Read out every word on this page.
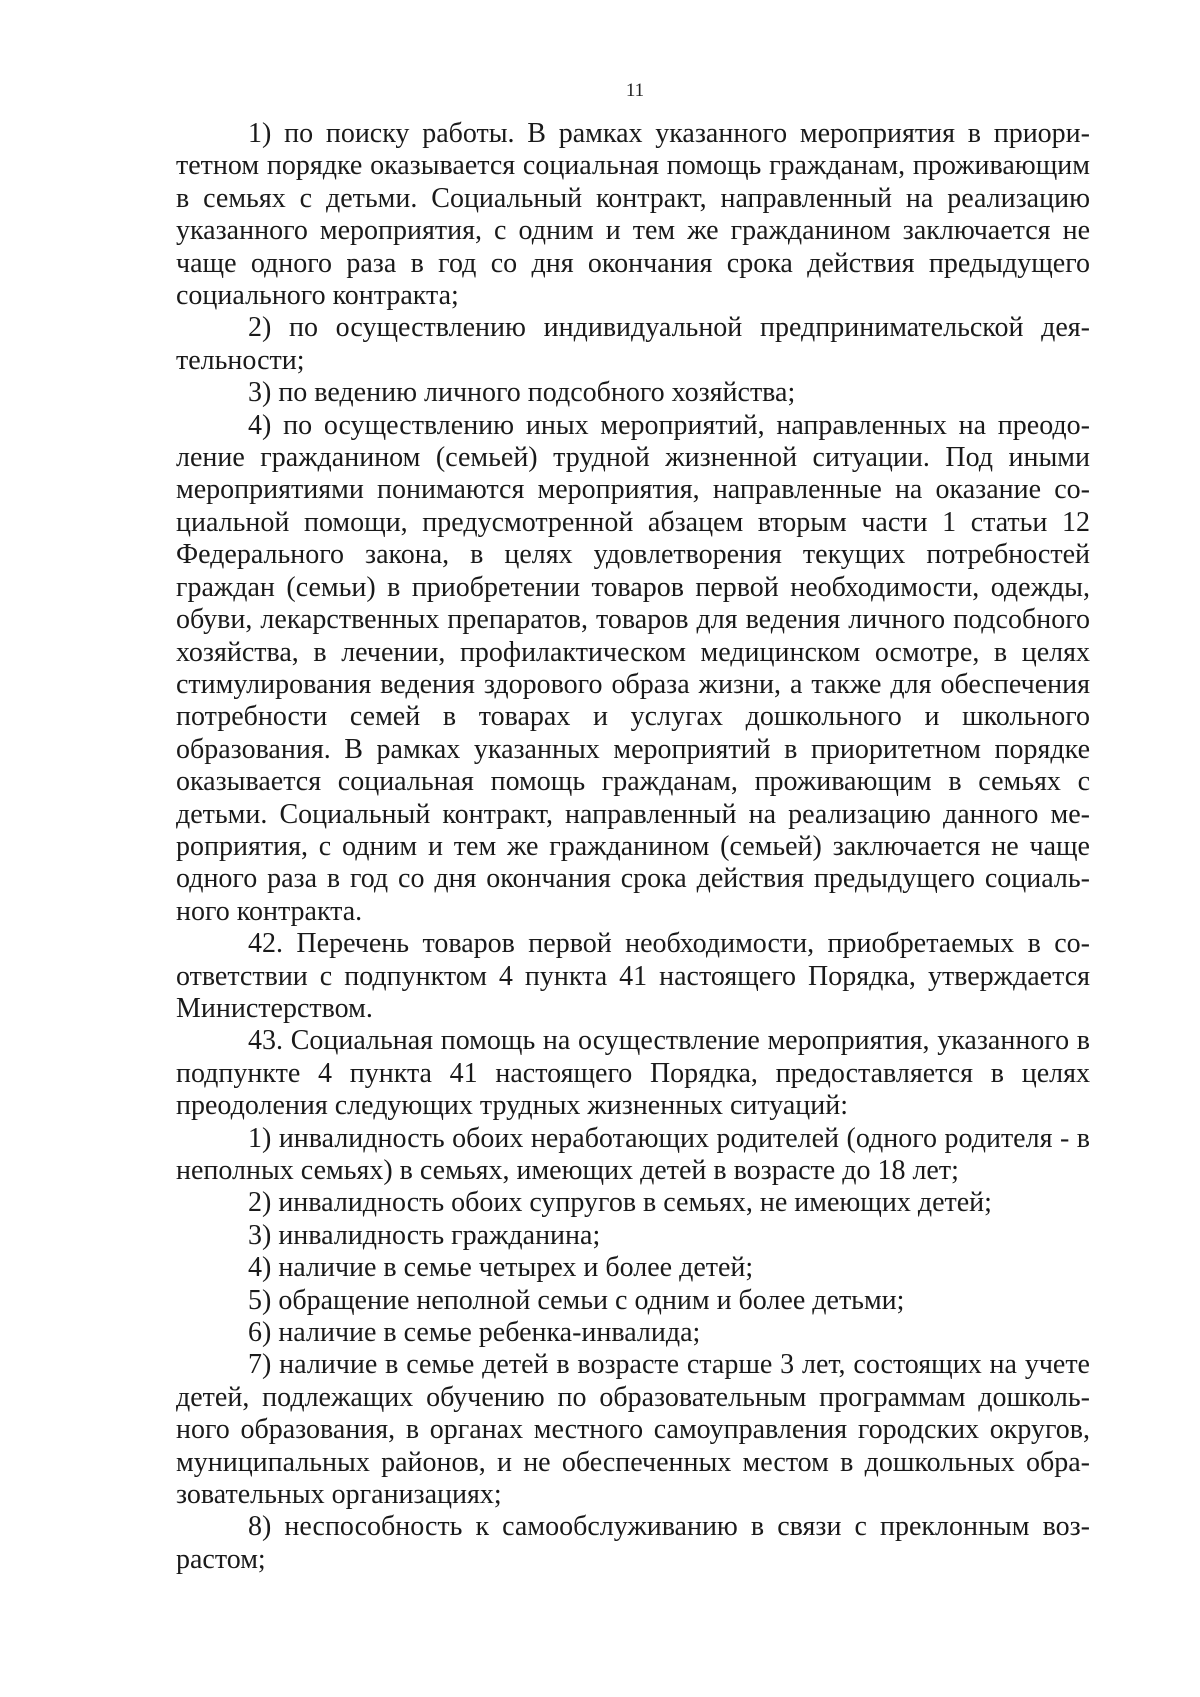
11

1) по поиску работы. В рамках указанного мероприятия в приоритетном порядке оказывается социальная помощь гражданам, проживающим в семьях с детьми. Социальный контракт, направленный на реализацию указанного мероприятия, с одним и тем же гражданином заключается не чаще одного раза в год со дня окончания срока действия предыдущего социального контракта;

2) по осуществлению индивидуальной предпринимательской деятельности;

3) по ведению личного подсобного хозяйства;

4) по осуществлению иных мероприятий, направленных на преодоление гражданином (семьей) трудной жизненной ситуации. Под иными мероприятиями понимаются мероприятия, направленные на оказание социальной помощи, предусмотренной абзацем вторым части 1 статьи 12 Федерального закона, в целях удовлетворения текущих потребностей граждан (семьи) в приобретении товаров первой необходимости, одежды, обуви, лекарственных препаратов, товаров для ведения личного подсобного хозяйства, в лечении, профилактическом медицинском осмотре, в целях стимулирования ведения здорового образа жизни, а также для обеспечения потребности семей в товарах и услугах дошкольного и школьного образования. В рамках указанных мероприятий в приоритетном порядке оказывается социальная помощь гражданам, проживающим в семьях с детьми. Социальный контракт, направленный на реализацию данного мероприятия, с одним и тем же гражданином (семьей) заключается не чаще одного раза в год со дня окончания срока действия предыдущего социального контракта.

42. Перечень товаров первой необходимости, приобретаемых в соответствии с подпунктом 4 пункта 41 настоящего Порядка, утверждается Министерством.

43. Социальная помощь на осуществление мероприятия, указанного в подпункте 4 пункта 41 настоящего Порядка, предоставляется в целях преодоления следующих трудных жизненных ситуаций:

1) инвалидность обоих неработающих родителей (одного родителя - в неполных семьях) в семьях, имеющих детей в возрасте до 18 лет;

2) инвалидность обоих супругов в семьях, не имеющих детей;

3) инвалидность гражданина;

4) наличие в семье четырех и более детей;

5) обращение неполной семьи с одним и более детьми;

6) наличие в семье ребенка-инвалида;

7) наличие в семье детей в возрасте старше 3 лет, состоящих на учете детей, подлежащих обучению по образовательным программам дошкольного образования, в органах местного самоуправления городских округов, муниципальных районов, и не обеспеченных местом в дошкольных образовательных организациях;

8) неспособность к самообслуживанию в связи с преклонным возрастом;
